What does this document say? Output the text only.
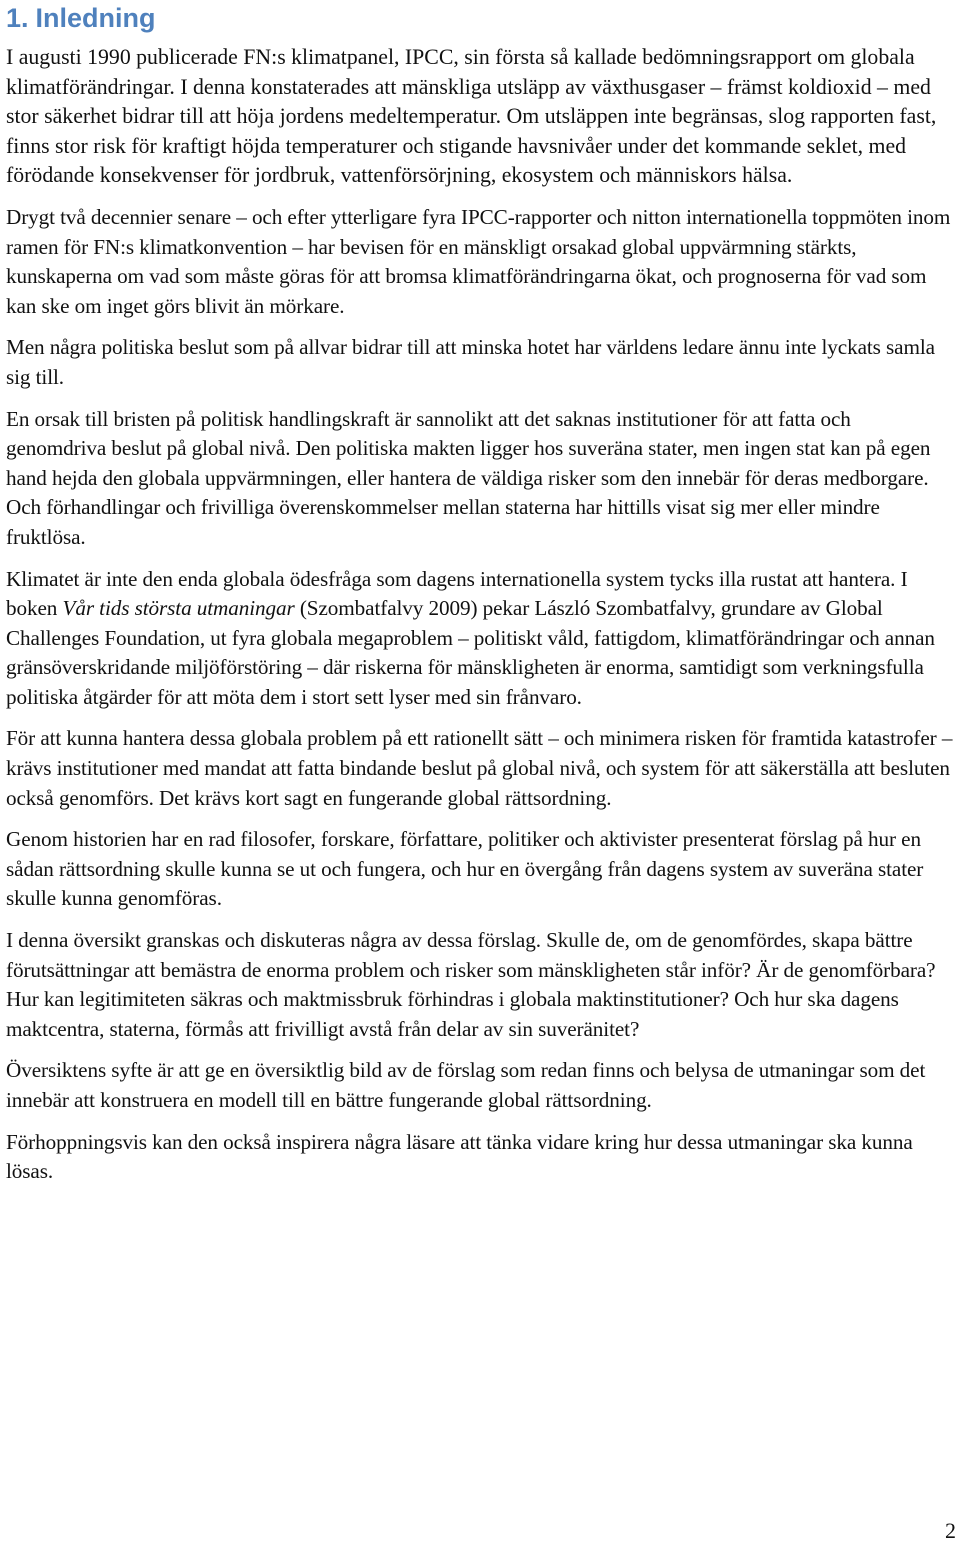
1. Inledning

I augusti 1990 publicerade FN:s klimatpanel, IPCC, sin första så kallade bedömningsrapport om globala klimatförändringar. I denna konstaterades att mänskliga utsläpp av växthusgaser – främst koldioxid – med stor säkerhet bidrar till att höja jordens medeltemperatur. Om utsläppen inte begränsas, slog rapporten fast, finns stor risk för kraftigt höjda temperaturer och stigande havsnivåer under det kommande seklet, med förödande konsekvenser för jordbruk, vattenförsörjning, ekosystem och människors hälsa.

Drygt två decennier senare – och efter ytterligare fyra IPCC-rapporter och nitton internationella toppmöten inom ramen för FN:s klimatkonvention – har bevisen för en mänskligt orsakad global uppvärmning stärkts, kunskaperna om vad som måste göras för att bromsa klimatförändringarna ökat, och prognoserna för vad som kan ske om inget görs blivit än mörkare.

Men några politiska beslut som på allvar bidrar till att minska hotet har världens ledare ännu inte lyckats samla sig till.

En orsak till bristen på politisk handlingskraft är sannolikt att det saknas institutioner för att fatta och genomdriva beslut på global nivå. Den politiska makten ligger hos suveräna stater, men ingen stat kan på egen hand hejda den globala uppvärmningen, eller hantera de väldiga risker som den innebär för deras medborgare. Och förhandlingar och frivilliga överenskommelser mellan staterna har hittills visat sig mer eller mindre fruktlösa.

Klimatet är inte den enda globala ödesfråga som dagens internationella system tycks illa rustat att hantera. I boken Vår tids största utmaningar (Szombatfalvy 2009) pekar László Szombatfalvy, grundare av Global Challenges Foundation, ut fyra globala megaproblem – politiskt våld, fattigdom, klimatförändringar och annan gränsöverskridande miljöförstöring – där riskerna för mänskligheten är enorma, samtidigt som verkningsfulla politiska åtgärder för att möta dem i stort sett lyser med sin frånvaro.

För att kunna hantera dessa globala problem på ett rationellt sätt – och minimera risken för framtida katastrofer – krävs institutioner med mandat att fatta bindande beslut på global nivå, och system för att säkerställa att besluten också genomförs. Det krävs kort sagt en fungerande global rättsordning.

Genom historien har en rad filosofer, forskare, författare, politiker och aktivister presenterat förslag på hur en sådan rättsordning skulle kunna se ut och fungera, och hur en övergång från dagens system av suveräna stater skulle kunna genomföras.

I denna översikt granskas och diskuteras några av dessa förslag. Skulle de, om de genomfördes, skapa bättre förutsättningar att bemästra de enorma problem och risker som mänskligheten står inför? Är de genomförbara? Hur kan legitimiteten säkras och maktmissbruk förhindras i globala maktinstitutioner? Och hur ska dagens maktcentra, staterna, förmås att frivilligt avstå från delar av sin suveränitet?

Översiktens syfte är att ge en översiktlig bild av de förslag som redan finns och belysa de utmaningar som det innebär att konstruera en modell till en bättre fungerande global rättsordning.

Förhoppningsvis kan den också inspirera några läsare att tänka vidare kring hur dessa utmaningar ska kunna lösas.

2
